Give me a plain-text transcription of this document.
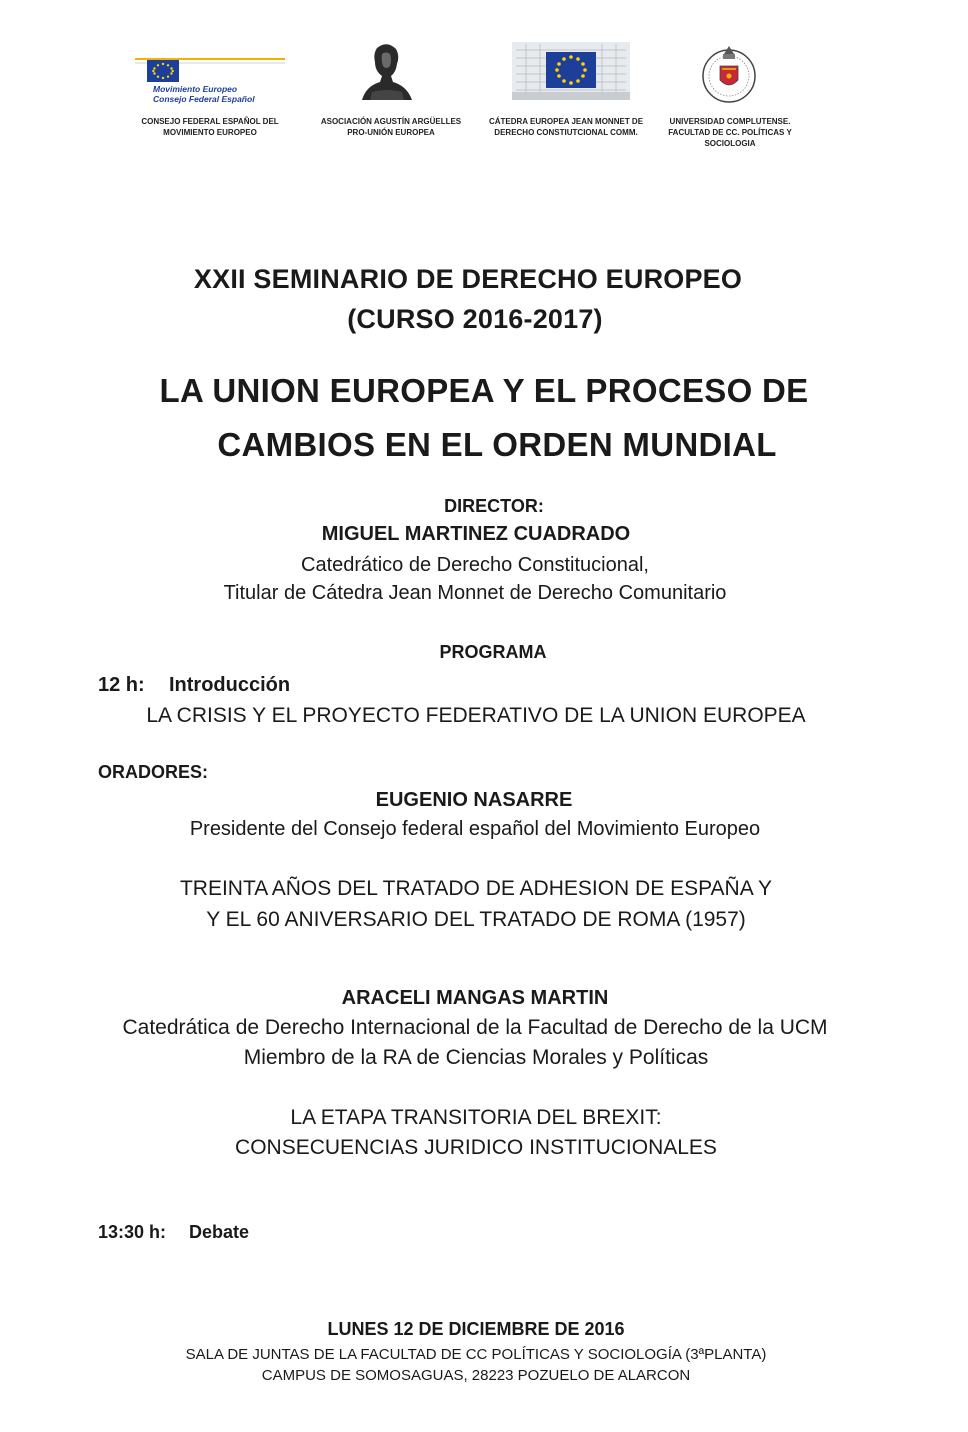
Movimiento Europeo
Consejo Federal Español
CONSEJO FEDERAL ESPAÑOL DEL
MOVIMIENTO EUROPEO
ASOCIACIÓN AGUSTÍN ARGÜELLES
PRO-UNIÓN EUROPEA
CÁTEDRA EUROPEA JEAN MONNET DE
DERECHO CONSTIUTCIONAL COMM.
UNIVERSIDAD COMPLUTENSE.
FACULTAD DE CC. POLÍTICAS Y
SOCIOLOGIA
XXII SEMINARIO DE DERECHO EUROPEO
(CURSO 2016-2017)
LA UNION EUROPEA Y EL PROCESO DE
CAMBIOS EN EL ORDEN MUNDIAL
DIRECTOR:
MIGUEL MARTINEZ CUADRADO
Catedrático de Derecho Constitucional,
Titular de Cátedra Jean Monnet de Derecho Comunitario
PROGRAMA
12 h: Introducción
LA CRISIS Y EL PROYECTO FEDERATIVO DE LA UNION EUROPEA
ORADORES:
EUGENIO NASARRE
Presidente del Consejo federal español del Movimiento Europeo
TREINTA AÑOS DEL TRATADO DE ADHESION DE ESPAÑA Y
Y EL 60 ANIVERSARIO DEL TRATADO DE ROMA (1957)
ARACELI MANGAS MARTIN
Catedrática de Derecho Internacional de la Facultad de Derecho de la UCM
Miembro de la RA de Ciencias Morales y Políticas
LA ETAPA TRANSITORIA DEL BREXIT:
CONSECUENCIAS JURIDICO INSTITUCIONALES
13:30 h: Debate
LUNES 12 DE DICIEMBRE DE 2016
SALA DE JUNTAS DE LA FACULTAD DE CC POLÍTICAS Y SOCIOLOGÍA (3ªPLANTA)
CAMPUS DE SOMOSAGUAS, 28223 POZUELO DE ALARCON
